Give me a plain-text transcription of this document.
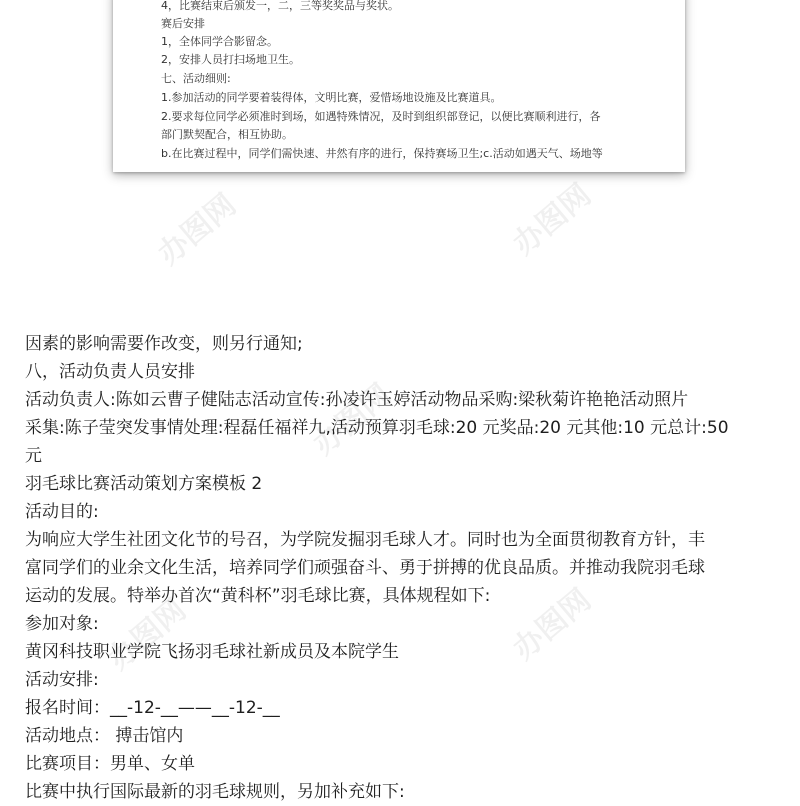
4，比赛结束后颁发一，二，三等奖奖品与奖状。
赛后安排
1，全体同学合影留念。
2，安排人员打扫场地卫生。
七、活动细则:
1.参加活动的同学要着装得体，文明比赛，爱惜场地设施及比赛道具。
2.要求每位同学必须准时到场，如遇特殊情况，及时到组织部登记，以便比赛顺利进行，各
部门默契配合，相互协助。
b.在比赛过程中，同学们需快速、井然有序的进行，保持赛场卫生;c.活动如遇天气、场地等

因素的影响需要作改变，则另行通知;

八，活动负责人员安排

活动负责人:陈如云曹子健陆志活动宣传:孙凌许玉婷活动物品采购:梁秋菊许艳艳活动照片

采集:陈子莹突发事情处理:程磊任福祥九,活动预算羽毛球:20 元奖品:20 元其他:10 元总计:50

元

羽毛球比赛活动策划方案模板 2

活动目的:

为响应大学生社团文化节的号召，为学院发掘羽毛球人才。同时也为全面贯彻教育方针，丰

富同学们的业余文化生活，培养同学们顽强奋斗、勇于拼搏的优良品质。并推动我院羽毛球

运动的发展。特举办首次“黄科杯”羽毛球比赛，具体规程如下:

参加对象:

黄冈科技职业学院飞扬羽毛球社新成员及本院学生

活动安排:

报名时间：__-12-__——__-12-__

活动地点： 搏击馆内

比赛项目：男单、女单

比赛中执行国际最新的羽毛球规则，另加补充如下:

办图网	办图网
办图网
办图网
办图网
